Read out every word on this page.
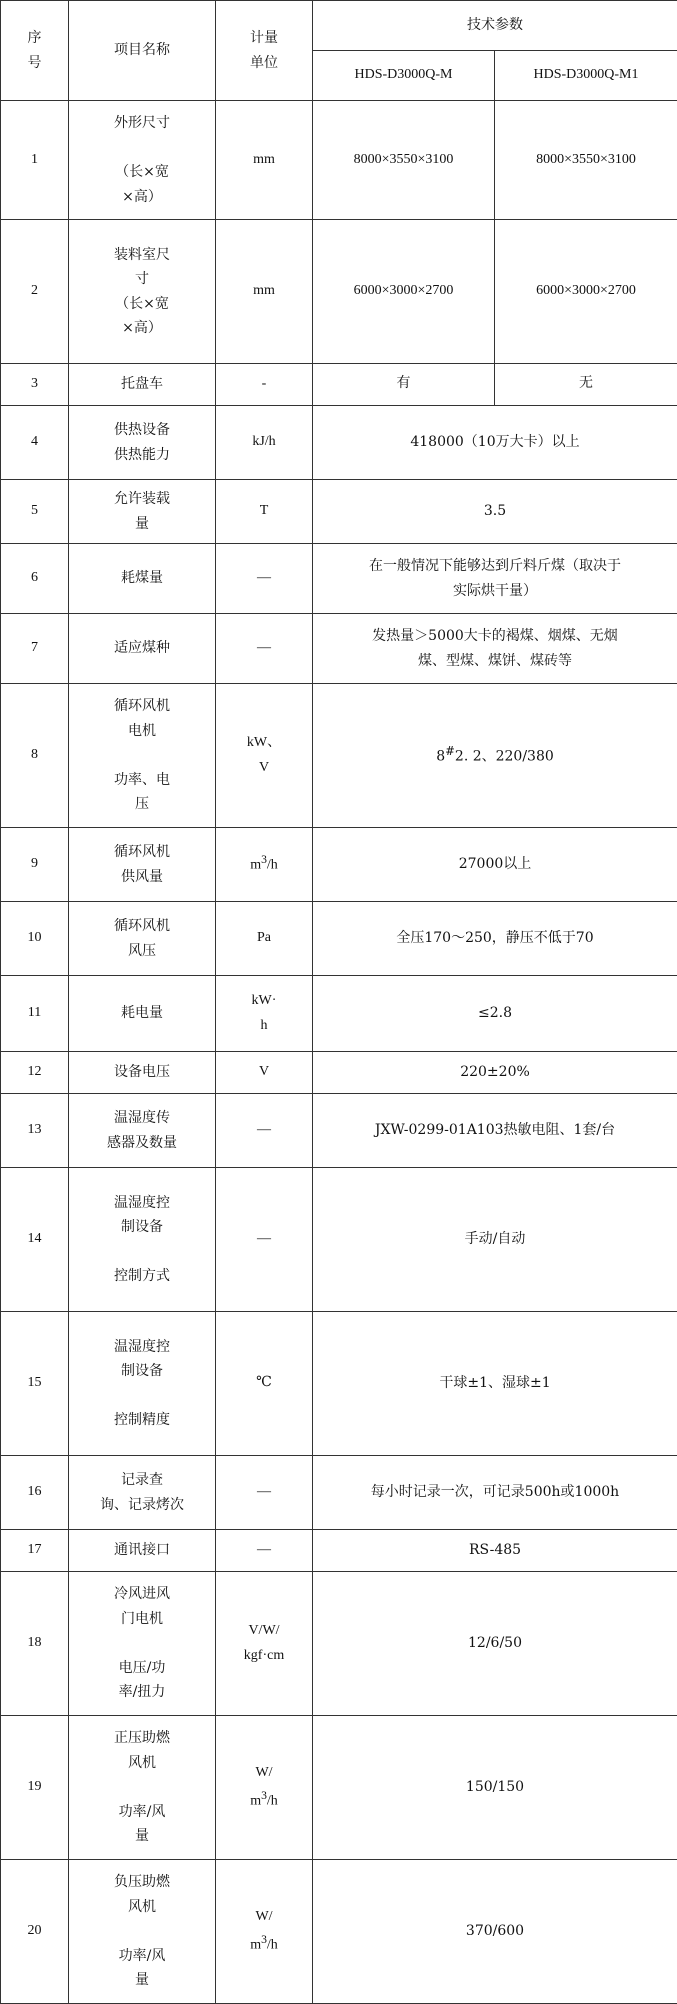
序
号	项目名称	计量
单位	技术参数	
			HDS-D3000Q-M	HDS-D3000Q-M1
1	外形尺寸

（长×宽
×高）	mm	8000×3550×3100	8000×3550×3100
2	装料室尺
寸
（长×宽
×高）	mm	6000×3000×2700	6000×3000×2700
3	托盘车	-	有	无
4	供热设备
供热能力	kJ/h	418000（10万大卡）以上	
5	允许装载
量	T	3.5	
6	耗煤量	—	在一般情况下能够达到斤料斤煤（取决于
实际烘干量）	
7	适应煤种	—	发热量＞5000大卡的褐煤、烟煤、无烟
煤、型煤、煤饼、煤砖等	
8	循环风机
电机

功率、电
压	kW、
V	8#2. 2、220/380	
9	循环风机
供风量	$m^3/h$	27000以上	
10	循环风机
风压	Pa	全压170～250，静压不低于70	
11	耗电量	kW·
h	≤2.8	
12	设备电压	V	220±20%	
13	温湿度传
感器及数量	—	JXW-0299-01A103热敏电阻、1套/台	
14	温湿度控
制设备

控制方式	—	手动/自动	
15	温湿度控
制设备

控制精度	℃	干球±1、湿球±1	
16	记录查
询、记录烤次	—	每小时记录一次，可记录500h或1000h	
17	通讯接口	—	RS-485	
18	冷风进风
门电机

电压/功
率/扭力	V/W/
kgf·cm	12/6/50	
19	正压助燃
风机

功率/风
量	W/
$m^3/h$	150/150	
20	负压助燃
风机

功率/风
量	W/
$m^3/h$	370/600	
